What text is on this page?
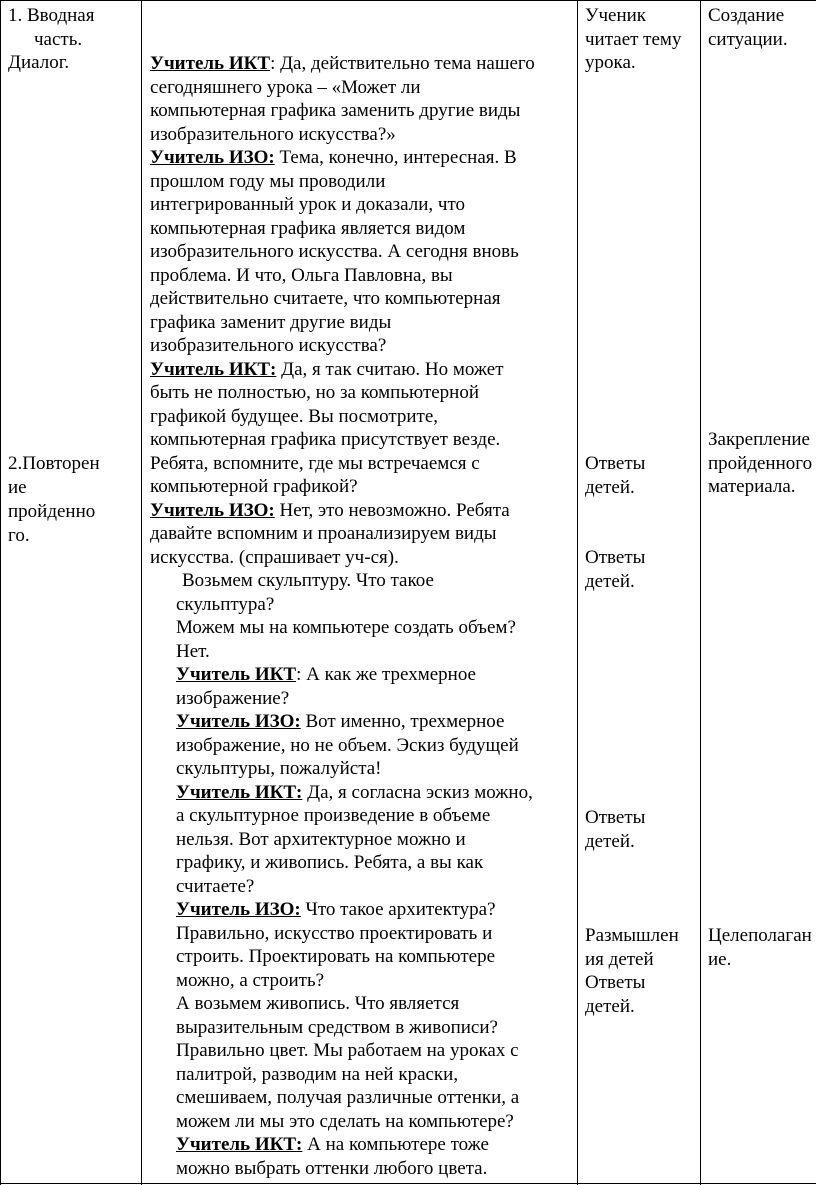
1. Вводная

часть.

Диалог.

2.Повторен

ие

пройденно

го.

Учитель ИКТ: Да, действительно тема нашего

сегодняшнего урока – «Может ли

компьютерная графика заменить другие виды

изобразительного искусства?»

Учитель ИЗО: Тема, конечно, интересная. В

прошлом году мы проводили

интегрированный урок и доказали, что

компьютерная графика является видом

изобразительного искусства. А сегодня вновь

проблема. И что, Ольга Павловна, вы

действительно считаете, что компьютерная

графика заменит другие виды

изобразительного искусства?

Учитель ИКТ: Да, я так считаю. Но может

быть не полностью, но за компьютерной

графикой будущее. Вы посмотрите,

компьютерная графика присутствует везде.

Ребята, вспомните, где мы встречаемся с

компьютерной графикой?

Учитель ИЗО: Нет, это невозможно. Ребята

давайте вспомним и проанализируем виды

искусства. (спрашивает уч-ся).

Возьмем скульптуру. Что такое

скульптура?

Можем мы на компьютере создать объем?

Нет.

Учитель ИКТ: А как же трехмерное

изображение?

Учитель ИЗО: Вот именно, трехмерное

изображение, но не объем. Эскиз будущей

скульптуры, пожалуйста!

Учитель ИКТ: Да, я согласна эскиз можно,

а скульптурное произведение в объеме

нельзя. Вот архитектурное можно и

графику, и живопись. Ребята, а вы как

считаете?

Учитель ИЗО: Что такое архитектура?

Правильно, искусство проектировать и

строить. Проектировать на компьютере

можно, а строить?

А возьмем живопись. Что является

выразительным средством в живописи?

Правильно цвет. Мы работаем на уроках с

палитрой, разводим на ней краски,

смешиваем, получая различные оттенки, а

можем ли мы это сделать на компьютере?

Учитель ИКТ: А на компьютере тоже

можно выбрать оттенки любого цвета.

Ученик

читает тему

урока.

Ответы

детей.

Ответы

детей.

Ответы

детей.

Размышлен

ия детей

Ответы

детей.

Создание

ситуации.

Закрепление

пройденного

материала.

Целеполаган

ие.
